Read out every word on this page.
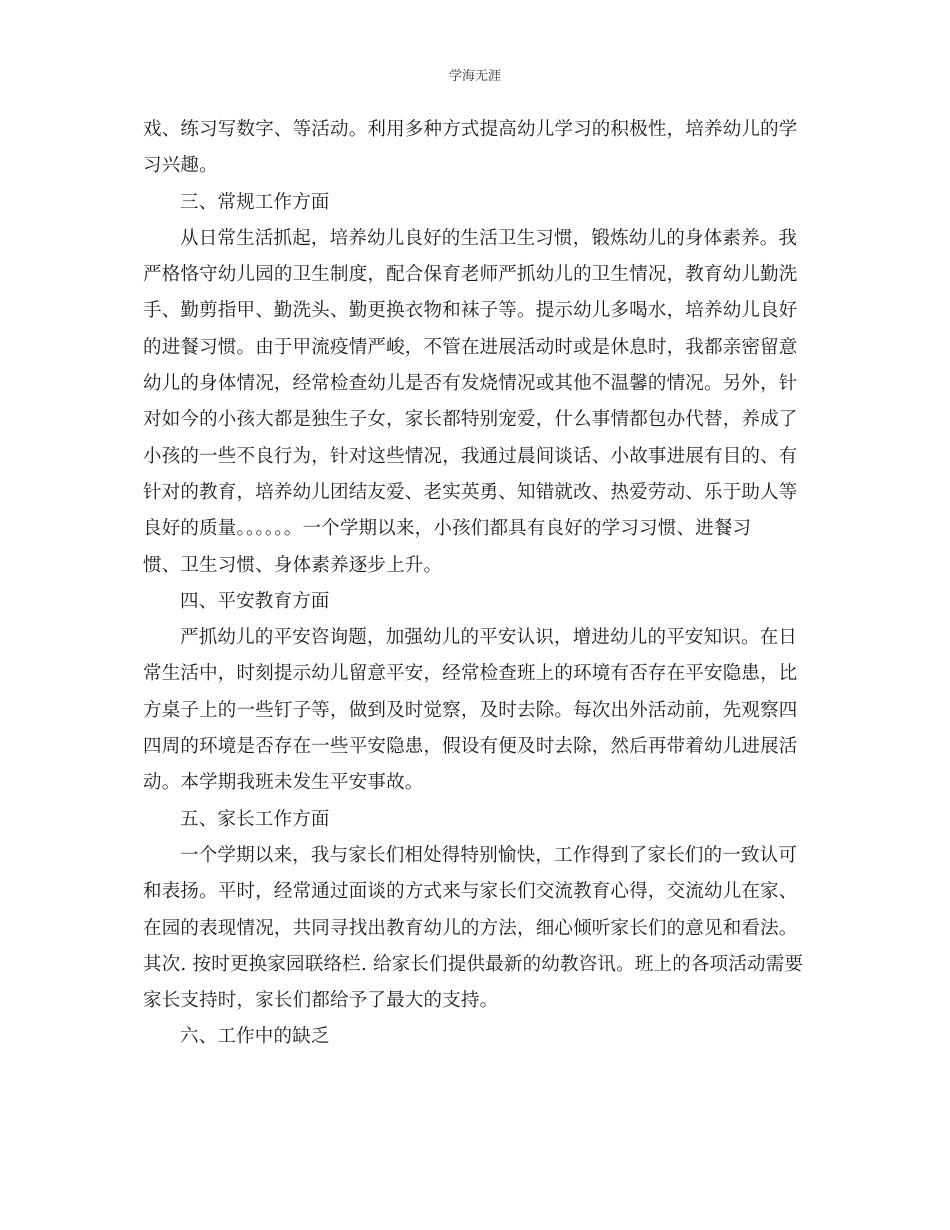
学海无涯
戏、练习写数字、等活动。利用多种方式提高幼儿学习的积极性，培养幼儿的学
习兴趣。
三、常规工作方面
从日常生活抓起，培养幼儿良好的生活卫生习惯，锻炼幼儿的身体素养。我
严格恪守幼儿园的卫生制度，配合保育老师严抓幼儿的卫生情况，教育幼儿勤洗
手、勤剪指甲、勤洗头、勤更换衣物和袜子等。提示幼儿多喝水，培养幼儿良好
的进餐习惯。由于甲流疫情严峻，不管在进展活动时或是休息时，我都亲密留意
幼儿的身体情况，经常检查幼儿是否有发烧情况或其他不温馨的情况。另外，针
对如今的小孩大都是独生子女，家长都特别宠爱，什么事情都包办代替，养成了
小孩的一些不良行为，针对这些情况，我通过晨间谈话、小故事进展有目的、有
针对的教育，培养幼儿团结友爱、老实英勇、知错就改、热爱劳动、乐于助人等
良好的质量。。。。。。一个学期以来，小孩们都具有良好的学习习惯、进餐习
惯、卫生习惯、身体素养逐步上升。
四、平安教育方面
严抓幼儿的平安咨询题，加强幼儿的平安认识，增进幼儿的平安知识。在日
常生活中，时刻提示幼儿留意平安，经常检查班上的环境有否存在平安隐患，比
方桌子上的一些钉子等，做到及时觉察，及时去除。每次出外活动前，先观察四
四周的环境是否存在一些平安隐患，假设有便及时去除，然后再带着幼儿进展活
动。本学期我班未发生平安事故。
五、家长工作方面
一个学期以来，我与家长们相处得特别愉快，工作得到了家长们的一致认可
和表扬。平时，经常通过面谈的方式来与家长们交流教育心得，交流幼儿在家、
在园的表现情况，共同寻找出教育幼儿的方法，细心倾听家长们的意见和看法。
其次. 按时更换家园联络栏. 给家长们提供最新的幼教咨讯。班上的各项活动需要
家长支持时，家长们都给予了最大的支持。
六、工作中的缺乏
